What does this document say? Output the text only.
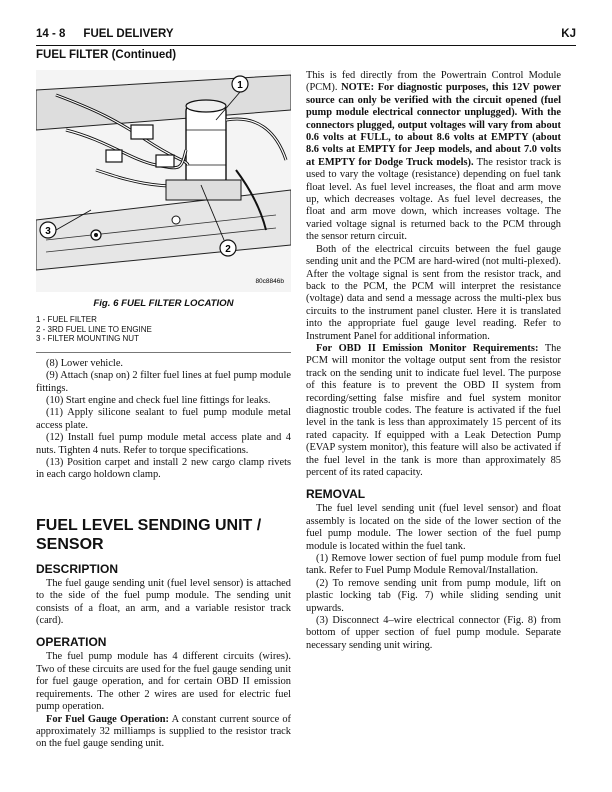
14 - 8 FUEL DELIVERY	KJ
FUEL FILTER (Continued)
1
2
3
80c8846b
Fig. 6 FUEL FILTER LOCATION
1 - FUEL FILTER
2 - 3RD FUEL LINE TO ENGINE
3 - FILTER MOUNTING NUT

(8) Lower vehicle.

(9) Attach (snap on) 2 filter fuel lines at fuel pump module fittings.

(10) Start engine and check fuel line fittings for leaks.

(11) Apply silicone sealant to fuel pump module metal access plate.

(12) Install fuel pump module metal access plate and 4 nuts. Tighten 4 nuts. Refer to torque specifications.

(13) Position carpet and install 2 new cargo clamp rivets in each cargo holdown clamp.

FUEL LEVEL SENDING UNIT / SENSOR
DESCRIPTION

The fuel gauge sending unit (fuel level sensor) is attached to the side of the fuel pump module. The sending unit consists of a float, an arm, and a variable resistor track (card).

OPERATION

The fuel pump module has 4 different circuits (wires). Two of these circuits are used for the fuel gauge sending unit for fuel gauge operation, and for certain OBD II emission requirements. The other 2 wires are used for electric fuel pump operation.

For Fuel Gauge Operation: A constant current source of approximately 32 milliamps is supplied to the resistor track on the fuel gauge sending unit.

This is fed directly from the Powertrain Control Module (PCM). NOTE: For diagnostic purposes, this 12V power source can only be verified with the circuit opened (fuel pump module electrical connector unplugged). With the connectors plugged, output voltages will vary from about 0.6 volts at FULL, to about 8.6 volts at EMPTY (about 8.6 volts at EMPTY for Jeep models, and about 7.0 volts at EMPTY for Dodge Truck models). The resistor track is used to vary the voltage (resistance) depending on fuel tank float level. As fuel level increases, the float and arm move up, which decreases voltage. As fuel level decreases, the float and arm move down, which increases voltage. The varied voltage signal is returned back to the PCM through the sensor return circuit.

Both of the electrical circuits between the fuel gauge sending unit and the PCM are hard-wired (not multi-plexed). After the voltage signal is sent from the resistor track, and back to the PCM, the PCM will interpret the resistance (voltage) data and send a message across the multi-plex bus circuits to the instrument panel cluster. Here it is translated into the appropriate fuel gauge level reading. Refer to Instrument Panel for additional information.

For OBD II Emission Monitor Requirements: The PCM will monitor the voltage output sent from the resistor track on the sending unit to indicate fuel level. The purpose of this feature is to prevent the OBD II system from recording/setting false misfire and fuel system monitor diagnostic trouble codes. The feature is activated if the fuel level in the tank is less than approximately 15 percent of its rated capacity. If equipped with a Leak Detection Pump (EVAP system monitor), this feature will also be activated if the fuel level in the tank is more than approximately 85 percent of its rated capacity.

REMOVAL

The fuel level sending unit (fuel level sensor) and float assembly is located on the side of the lower section of the fuel pump module. The lower section of the fuel pump module is located within the fuel tank.

(1) Remove lower section of fuel pump module from fuel tank. Refer to Fuel Pump Module Removal/Installation.

(2) To remove sending unit from pump module, lift on plastic locking tab (Fig. 7) while sliding sending unit upwards.

(3) Disconnect 4–wire electrical connector (Fig. 8) from bottom of upper section of fuel pump module. Separate necessary sending unit wiring.
